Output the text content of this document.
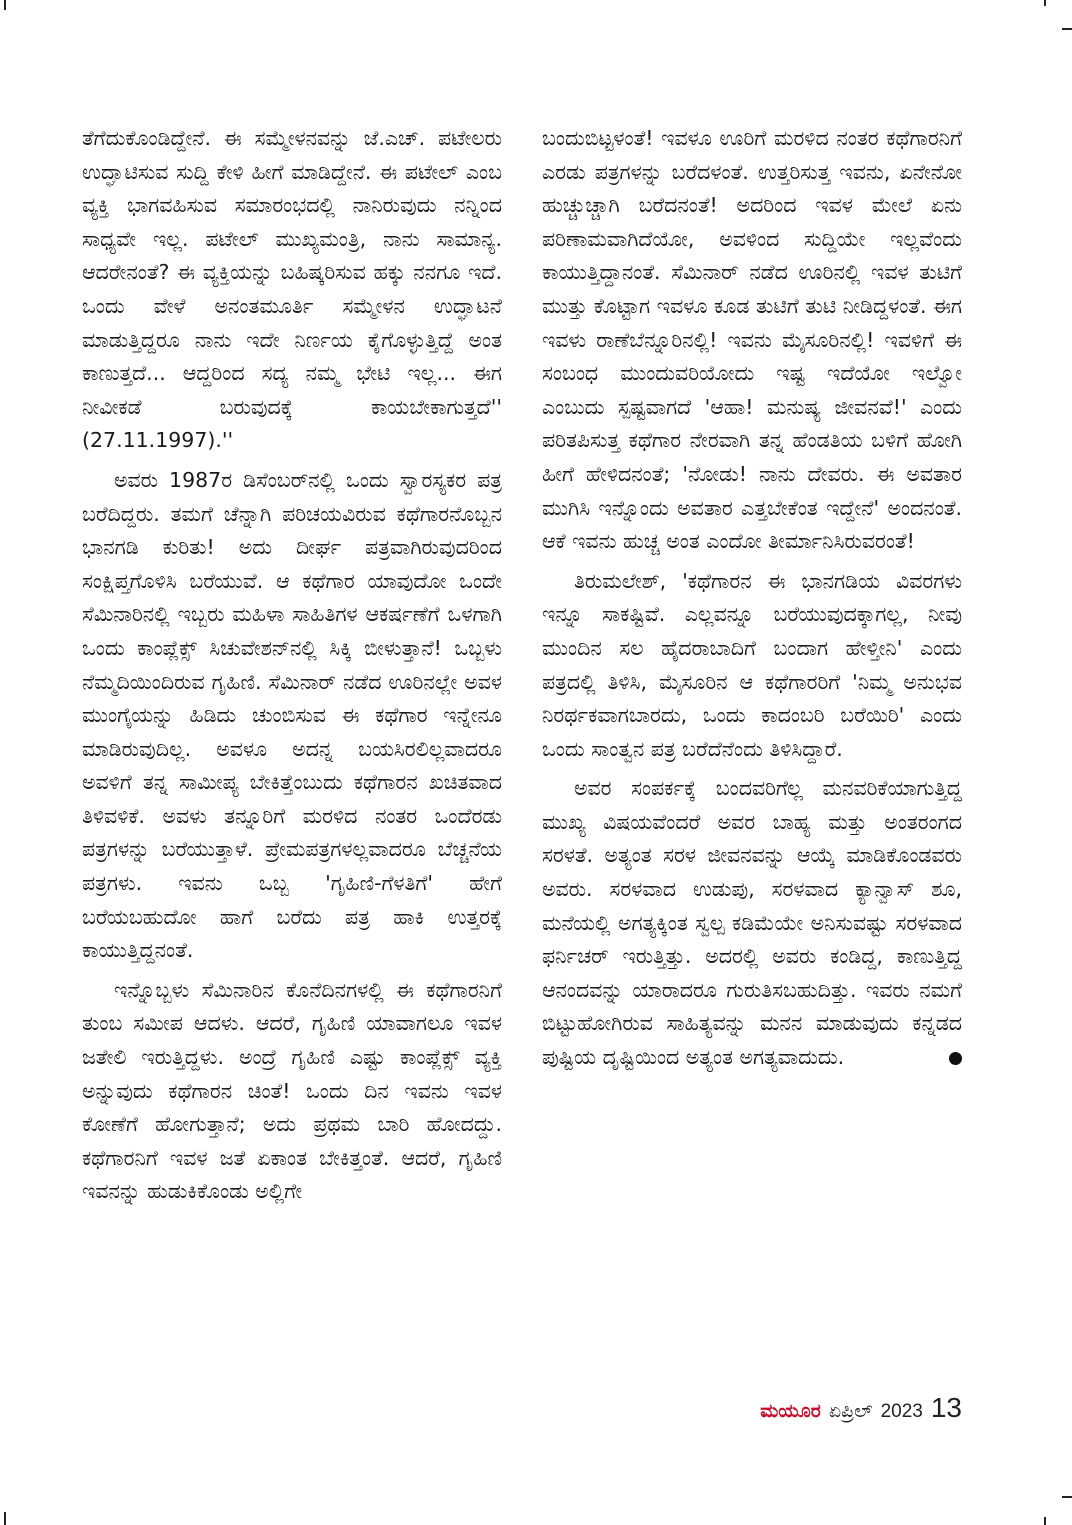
ತೆಗೆದುಕೊಂಡಿದ್ದೇನೆ. ಈ ಸಮ್ಮೇಳನವನ್ನು ಜೆ.ಎಚ್. ಪಟೇಲರು ಉದ್ಘಾಟಿಸುವ ಸುದ್ದಿ ಕೇಳಿ ಹೀಗೆ ಮಾಡಿದ್ದೇನೆ. ಈ ಪಟೇಲ್ ಎಂಬ ವ್ಯಕ್ತಿ ಭಾಗವಹಿಸುವ ಸಮಾರಂಭದಲ್ಲಿ ನಾನಿರುವುದು ನನ್ನಿಂದ ಸಾಧ್ಯವೇ ಇಲ್ಲ. ಪಟೇಲ್ ಮುಖ್ಯಮಂತ್ರಿ, ನಾನು ಸಾಮಾನ್ಯ. ಆದರೇನಂತೆ? ಈ ವ್ಯಕ್ತಿಯನ್ನು ಬಹಿಷ್ಕರಿಸುವ ಹಕ್ಕು ನನಗೂ ಇದೆ. ಒಂದು ವೇಳೆ ಅನಂತಮೂರ್ತಿ ಸಮ್ಮೇಳನ ಉದ್ಘಾಟನೆ ಮಾಡುತ್ತಿದ್ದರೂ ನಾನು ಇದೇ ನಿರ್ಣಯ ಕೈಗೊಳ್ಳುತ್ತಿದ್ದೆ ಅಂತ ಕಾಣುತ್ತದೆ... ಆದ್ದರಿಂದ ಸದ್ಯ ನಮ್ಮ ಭೇಟಿ ಇಲ್ಲ... ಈಗ ನೀವೀಕಡೆ ಬರುವುದಕ್ಕೆ ಕಾಯಬೇಕಾಗುತ್ತದೆ'' (27.11.1997).''

ಅವರು 1987ರ ಡಿಸೆಂಬರ್‌ನಲ್ಲಿ ಒಂದು ಸ್ವಾರಸ್ಯಕರ ಪತ್ರ ಬರೆದಿದ್ದರು. ತಮಗೆ ಚೆನ್ನಾಗಿ ಪರಿಚಯವಿರುವ ಕಥೆಗಾರನೊಬ್ಬನ ಭಾನಗಡಿ ಕುರಿತು! ಅದು ದೀರ್ಘ ಪತ್ರವಾಗಿರುವುದರಿಂದ ಸಂಕ್ಷಿಪ್ತಗೊಳಿಸಿ ಬರೆಯುವೆ. ಆ ಕಥೆಗಾರ ಯಾವುದೋ ಒಂದೇ ಸೆಮಿನಾರಿನಲ್ಲಿ ಇಬ್ಬರು ಮಹಿಳಾ ಸಾಹಿತಿಗಳ ಆಕರ್ಷಣೆಗೆ ಒಳಗಾಗಿ ಒಂದು ಕಾಂಪ್ಲೆಕ್ಸ್ ಸಿಚುವೇಶನ್‌ನಲ್ಲಿ ಸಿಕ್ಕಿ ಬೀಳುತ್ತಾನೆ! ಒಬ್ಬಳು ನೆಮ್ಮದಿಯಿಂದಿರುವ ಗೃಹಿಣಿ. ಸೆಮಿನಾರ್ ನಡೆದ ಊರಿನಲ್ಲೇ ಅವಳ ಮುಂಗೈಯನ್ನು ಹಿಡಿದು ಚುಂಬಿಸುವ ಈ ಕಥೆಗಾರ ಇನ್ನೇನೂ ಮಾಡಿರುವುದಿಲ್ಲ. ಅವಳೂ ಅದನ್ನ ಬಯಸಿರಲಿಲ್ಲವಾದರೂ ಅವಳಿಗೆ ತನ್ನ ಸಾಮೀಪ್ಯ ಬೇಕಿತ್ತೆಂಬುದು ಕಥೆಗಾರನ ಖಚಿತವಾದ ತಿಳಿವಳಿಕೆ. ಅವಳು ತನ್ನೂರಿಗೆ ಮರಳಿದ ನಂತರ ಒಂದೆರಡು ಪತ್ರಗಳನ್ನು ಬರೆಯುತ್ತಾಳೆ. ಪ್ರೇಮಪತ್ರಗಳಲ್ಲವಾದರೂ ಬೆಚ್ಚನೆಯ ಪತ್ರಗಳು. ಇವನು ಒಬ್ಬ 'ಗೃಹಿಣಿ-ಗೆಳತಿಗೆ' ಹೇಗೆ ಬರೆಯಬಹುದೋ ಹಾಗೆ ಬರೆದು ಪತ್ರ ಹಾಕಿ ಉತ್ತರಕ್ಕೆ ಕಾಯುತ್ತಿದ್ದನಂತೆ.

ಇನ್ನೊಬ್ಬಳು ಸೆಮಿನಾರಿನ ಕೊನೆದಿನಗಳಲ್ಲಿ ಈ ಕಥೆಗಾರನಿಗೆ ತುಂಬ ಸಮೀಪ ಆದಳು. ಆದರೆ, ಗೃಹಿಣಿ ಯಾವಾಗಲೂ ಇವಳ ಜತೇಲಿ ಇರುತ್ತಿದ್ದಳು. ಅಂದ್ರೆ ಗೃಹಿಣಿ ಎಷ್ಟು ಕಾಂಪ್ಲೆಕ್ಸ್ ವ್ಯಕ್ತಿ ಅನ್ನುವುದು ಕಥೆಗಾರನ ಚಿಂತೆ! ಒಂದು ದಿನ ಇವನು ಇವಳ ಕೋಣೆಗೆ ಹೋಗುತ್ತಾನೆ; ಅದು ಪ್ರಥಮ ಬಾರಿ ಹೋದದ್ದು. ಕಥೆಗಾರನಿಗೆ ಇವಳ ಜತೆ ಏಕಾಂತ ಬೇಕಿತ್ತಂತೆ. ಆದರೆ, ಗೃಹಿಣಿ ಇವನನ್ನು ಹುಡುಕಿಕೊಂಡು ಅಲ್ಲಿಗೇ

ಬಂದುಬಿಟ್ಟಳಂತೆ! ಇವಳೂ ಊರಿಗೆ ಮರಳಿದ ನಂತರ ಕಥೆಗಾರನಿಗೆ ಎರಡು ಪತ್ರಗಳನ್ನು ಬರೆದಳಂತೆ. ಉತ್ತರಿಸುತ್ತ ಇವನು, ಏನೇನೋ ಹುಚ್ಚುಚ್ಚಾಗಿ ಬರೆದನಂತೆ! ಅದರಿಂದ ಇವಳ ಮೇಲೆ ಏನು ಪರಿಣಾಮವಾಗಿದೆಯೋ, ಅವಳಿಂದ ಸುದ್ದಿಯೇ ಇಲ್ಲವೆಂದು ಕಾಯುತ್ತಿದ್ದಾನಂತೆ. ಸೆಮಿನಾರ್ ನಡೆದ ಊರಿನಲ್ಲಿ ಇವಳ ತುಟಿಗೆ ಮುತ್ತು ಕೊಟ್ಟಾಗ ಇವಳೂ ಕೂಡ ತುಟಿಗೆ ತುಟಿ ನೀಡಿದ್ದಳಂತೆ. ಈಗ ಇವಳು ರಾಣೆಬೆನ್ನೂರಿನಲ್ಲಿ! ಇವನು ಮೈಸೂರಿನಲ್ಲಿ! ಇವಳಿಗೆ ಈ ಸಂಬಂಧ ಮುಂದುವರಿಯೋದು ಇಷ್ಟ ಇದೆಯೋ ಇಲ್ವೋ ಎಂಬುದು ಸ್ಪಷ್ಟವಾಗದೆ 'ಆಹಾ! ಮನುಷ್ಯ ಜೀವನವೆ!' ಎಂದು ಪರಿತಪಿಸುತ್ತ ಕಥೆಗಾರ ನೇರವಾಗಿ ತನ್ನ ಹೆಂಡತಿಯ ಬಳಿಗೆ ಹೋಗಿ ಹೀಗೆ ಹೇಳಿದನಂತೆ; 'ನೋಡು! ನಾನು ದೇವರು. ಈ ಅವತಾರ ಮುಗಿಸಿ ಇನ್ನೊಂದು ಅವತಾರ ಎತ್ತಬೇಕೆಂತ ಇದ್ದೇನೆ' ಅಂದನಂತೆ. ಆಕೆ ಇವನು ಹುಚ್ಚ ಅಂತ ಎಂದೋ ತೀರ್ಮಾನಿಸಿರುವರಂತೆ!

ತಿರುಮಲೇಶ್, 'ಕಥೆಗಾರನ ಈ ಭಾನಗಡಿಯ ವಿವರಗಳು ಇನ್ನೂ ಸಾಕಷ್ಟಿವೆ. ಎಲ್ಲವನ್ನೂ ಬರೆಯುವುದಕ್ಕಾಗಲ್ಲ, ನೀವು ಮುಂದಿನ ಸಲ ಹೈದರಾಬಾದಿಗೆ ಬಂದಾಗ ಹೇಳ್ತೀನಿ' ಎಂದು ಪತ್ರದಲ್ಲಿ ತಿಳಿಸಿ, ಮೈಸೂರಿನ ಆ ಕಥೆಗಾರರಿಗೆ 'ನಿಮ್ಮ ಅನುಭವ ನಿರರ್ಥಕವಾಗಬಾರದು, ಒಂದು ಕಾದಂಬರಿ ಬರೆಯಿರಿ' ಎಂದು ಒಂದು ಸಾಂತ್ವನ ಪತ್ರ ಬರೆದೆನೆಂದು ತಿಳಿಸಿದ್ದಾರೆ.

ಅವರ ಸಂಪರ್ಕಕ್ಕೆ ಬಂದವರಿಗೆಲ್ಲ ಮನವರಿಕೆಯಾಗುತ್ತಿದ್ದ ಮುಖ್ಯ ವಿಷಯವೆಂದರೆ ಅವರ ಬಾಹ್ಯ ಮತ್ತು ಅಂತರಂಗದ ಸರಳತೆ. ಅತ್ಯಂತ ಸರಳ ಜೀವನವನ್ನು ಆಯ್ಕೆ ಮಾಡಿಕೊಂಡವರು ಅವರು. ಸರಳವಾದ ಉಡುಪು, ಸರಳವಾದ ಕ್ಯಾನ್ವಾಸ್ ಶೂ, ಮನೆಯಲ್ಲಿ ಅಗತ್ಯಕ್ಕಿಂತ ಸ್ವಲ್ಪ ಕಡಿಮೆಯೇ ಅನಿಸುವಷ್ಟು ಸರಳವಾದ ಫರ್ನಿಚರ್ ಇರುತ್ತಿತ್ತು. ಅದರಲ್ಲಿ ಅವರು ಕಂಡಿದ್ದ, ಕಾಣುತ್ತಿದ್ದ ಆನಂದವನ್ನು ಯಾರಾದರೂ ಗುರುತಿಸಬಹುದಿತ್ತು. ಇವರು ನಮಗೆ ಬಿಟ್ಟುಹೋಗಿರುವ ಸಾಹಿತ್ಯವನ್ನು ಮನನ ಮಾಡುವುದು ಕನ್ನಡದ ಪುಷ್ಟಿಯ ದೃಷ್ಟಿಯಿಂದ ಅತ್ಯಂತ ಅಗತ್ಯವಾದುದು.

ಮಯೂರ ಏಪ್ರಿಲ್ 2023 13
